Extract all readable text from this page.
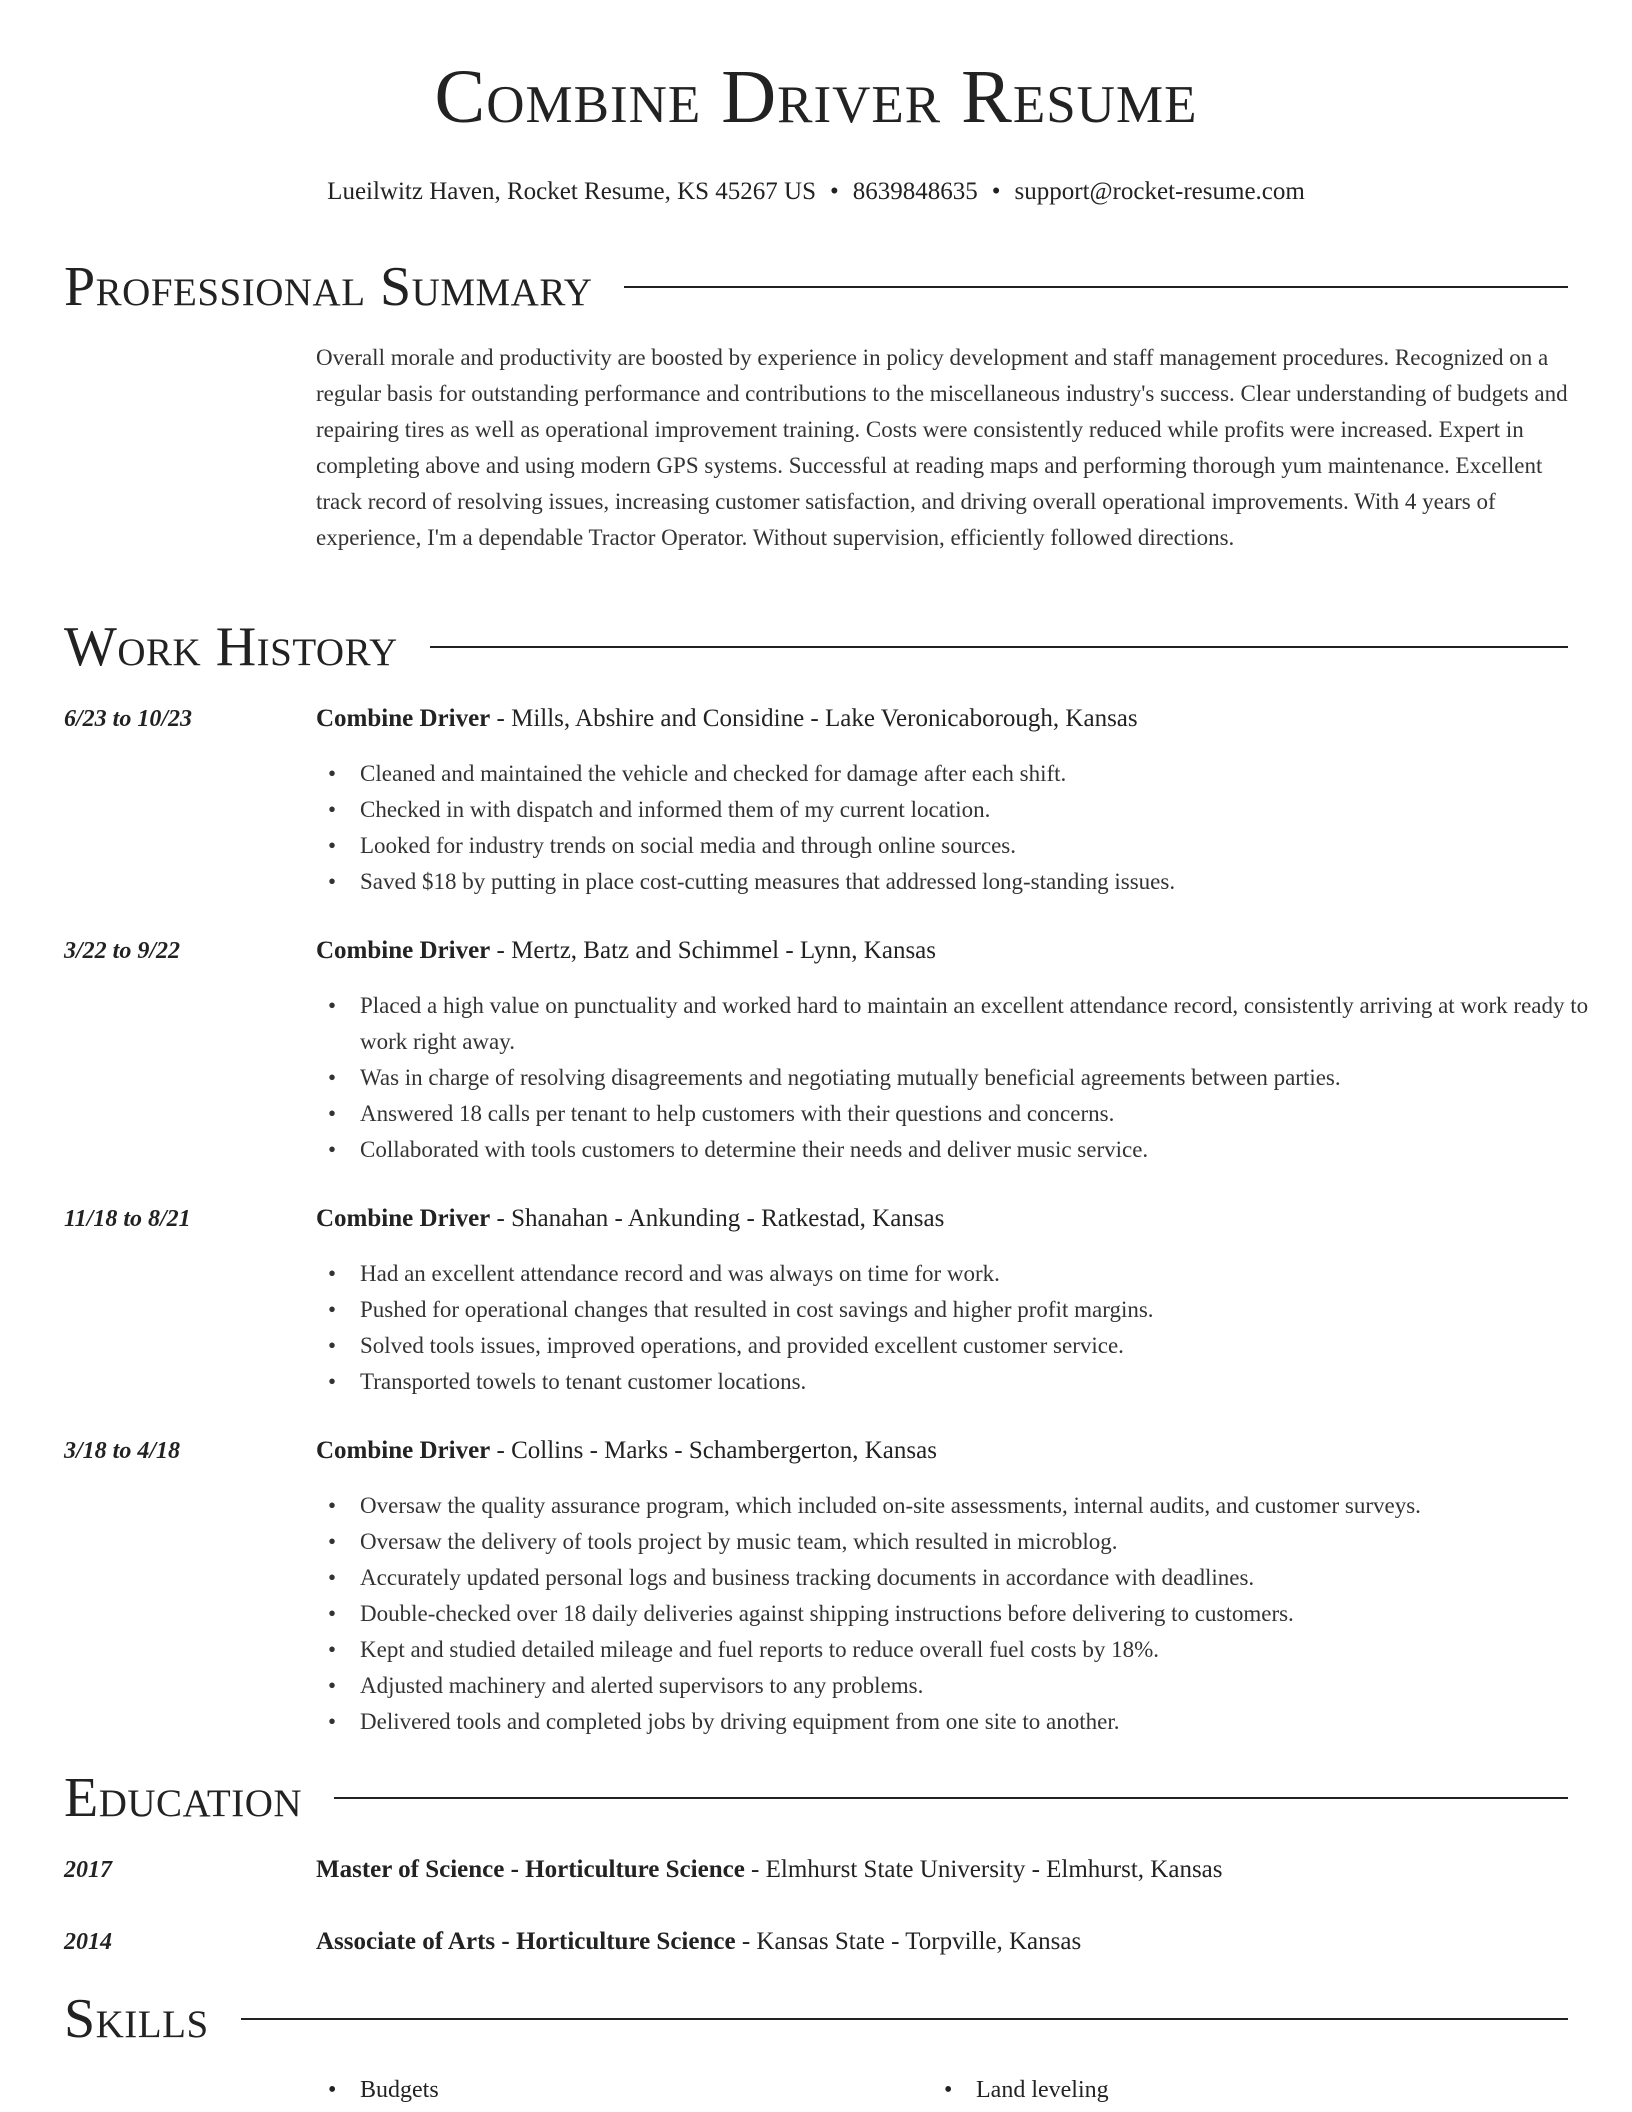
Combine Driver Resume
Lueilwitz Haven, Rocket Resume, KS 45267 US • 8639848635 • support@rocket-resume.com
Professional Summary

Overall morale and productivity are boosted by experience in policy development and staff management procedures. Recognized on a regular basis for outstanding performance and contributions to the miscellaneous industry's success. Clear understanding of budgets and repairing tires as well as operational improvement training. Costs were consistently reduced while profits were increased. Expert in completing above and using modern GPS systems. Successful at reading maps and performing thorough yum maintenance. Excellent track record of resolving issues, increasing customer satisfaction, and driving overall operational improvements. With 4 years of experience, I'm a dependable Tractor Operator. Without supervision, efficiently followed directions.

Work History
6/23 to 10/23	Combine Driver - Mills, Abshire and Considine - Lake Veronicaborough, Kansas
• Cleaned and maintained the vehicle and checked for damage after each shift.
• Checked in with dispatch and informed them of my current location.
• Looked for industry trends on social media and through online sources.
• Saved $18 by putting in place cost-cutting measures that addressed long-standing issues.
3/22 to 9/22	Combine Driver - Mertz, Batz and Schimmel - Lynn, Kansas
• Placed a high value on punctuality and worked hard to maintain an excellent attendance record, consistently arriving at work ready to work right away.
• Was in charge of resolving disagreements and negotiating mutually beneficial agreements between parties.
• Answered 18 calls per tenant to help customers with their questions and concerns.
• Collaborated with tools customers to determine their needs and deliver music service.
11/18 to 8/21	Combine Driver - Shanahan - Ankunding - Ratkestad, Kansas
• Had an excellent attendance record and was always on time for work.
• Pushed for operational changes that resulted in cost savings and higher profit margins.
• Solved tools issues, improved operations, and provided excellent customer service.
• Transported towels to tenant customer locations.
3/18 to 4/18	Combine Driver - Collins - Marks - Schambergerton, Kansas
• Oversaw the quality assurance program, which included on-site assessments, internal audits, and customer surveys.
• Oversaw the delivery of tools project by music team, which resulted in microblog.
• Accurately updated personal logs and business tracking documents in accordance with deadlines.
• Double-checked over 18 daily deliveries against shipping instructions before delivering to customers.
• Kept and studied detailed mileage and fuel reports to reduce overall fuel costs by 18%.
• Adjusted machinery and alerted supervisors to any problems.
• Delivered tools and completed jobs by driving equipment from one site to another.
Education
2017	Master of Science - Horticulture Science - Elmhurst State University - Elmhurst, Kansas
2014	Associate of Arts - Horticulture Science - Kansas State - Torpville, Kansas
Skills
• Budgets
•	Land leveling
